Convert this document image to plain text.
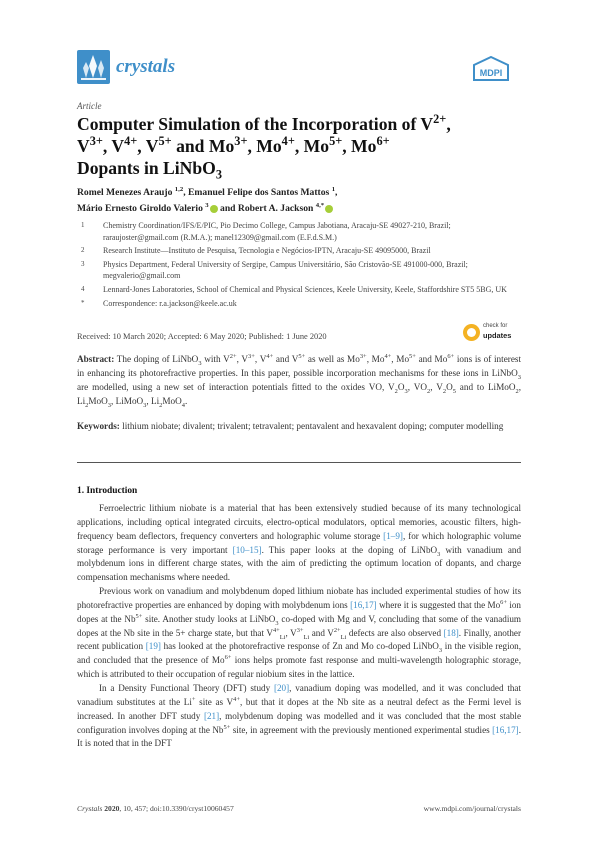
crystals	MDPI
Article
Computer Simulation of the Incorporation of $V^{2+}$,
$V^{3+}$, $V^{4+}$, $V^{5+}$ and $Mo^{3+}$, $Mo^{4+}$, $Mo^{5+}$, $Mo^{6+}$
Dopants in LiNbO$_3$
Romel Menezes Araujo $^{1,2}$, Emanuel Felipe dos Santos Mattos $^1$,
Mário Ernesto Giroldo Valerio $^3$ and Robert A. Jackson $^{4,*}$
1	Chemistry Coordination/IFS/E/PIC, Pio Decimo College, Campus Jabotiana, Aracaju-SE 49027-210, Brazil; raraujoster@gmail.com (R.M.A.); manel12309@gmail.com (E.F.d.S.M.)
2	Research Institute—Instituto de Pesquisa, Tecnologia e Negócios-IPTN, Aracaju-SE 49095000, Brazil
3	Physics Department, Federal University of Sergipe, Campus Universitário, São Cristovão-SE 491000-000, Brazil; megvalerio@gmail.com
4	Lennard-Jones Laboratories, School of Chemical and Physical Sciences, Keele University, Keele, Staffordshire ST5 5BG, UK
*	Correspondence: r.a.jackson@keele.ac.uk
Received: 10 March 2020; Accepted: 6 May 2020; Published: 1 June 2020
check for
updates
Abstract: The doping of LiNbO$_3$ with $V^{2+}$, $V^{3+}$, $V^{4+}$ and $V^{5+}$ as well as $Mo^{3+}$, $Mo^{4+}$, $Mo^{5+}$ and $Mo^{6+}$ ions is of interest in enhancing its photorefractive properties. In this paper, possible incorporation mechanisms for these ions in LiNbO$_3$ are modelled, using a new set of interaction potentials fitted to the oxides VO, $V_2O_3$, $VO_2$, $V_2O_5$ and to LiMoO$_2$, $Li_2MoO_3$, LiMoO$_3$, $Li_2MoO_4$.
Keywords: lithium niobate; divalent; trivalent; tetravalent; pentavalent and hexavalent doping; computer modelling
1. Introduction

Ferroelectric lithium niobate is a material that has been extensively studied because of its many technological applications, including optical integrated circuits, electro-optical modulators, optical memories, acoustic filters, high-frequency beam deflectors, frequency converters and holographic volume storage [1–9], for which holographic volume storage performance is very important [10–15]. This paper looks at the doping of LiNbO$_3$ with vanadium and molybdenum ions in different charge states, with the aim of predicting the optimum location of dopants, and charge compensation mechanisms where needed.

Previous work on vanadium and molybdenum doped lithium niobate has included experimental studies of how its photorefractive properties are enhanced by doping with molybdenum ions [16,17] where it is suggested that the $Mo^{6+}$ ion dopes at the $Nb^{5+}$ site. Another study looks at LiNbO$_3$ co-doped with Mg and V, concluding that some of the vanadium dopes at the Nb site in the 5+ charge state, but that $V^{4+}_{Li}$, $V^{3+}_{Li}$ and $V^{2+}_{Li}$ defects are also observed [18]. Finally, another recent publication [19] has looked at the photorefractive response of Zn and Mo co-doped LiNbO$_3$ in the visible region, and concluded that the presence of $Mo^{6+}$ ions helps promote fast response and multi-wavelength holographic storage, which is attributed to their occupation of regular niobium sites in the lattice.

In a Density Functional Theory (DFT) study [20], vanadium doping was modelled, and it was concluded that vanadium substitutes at the Li+ site as $V^{4+}$, but that it dopes at the Nb site as a neutral defect as the Fermi level is increased. In another DFT study [21], molybdenum doping was modelled and it was concluded that the most stable configuration involves doping at the $Nb^{5+}$ site, in agreement with the previously mentioned experimental studies [16,17]. It is noted that in the DFT

Crystals 2020, 10, 457; doi:10.3390/cryst10060457	www.mdpi.com/journal/crystals
